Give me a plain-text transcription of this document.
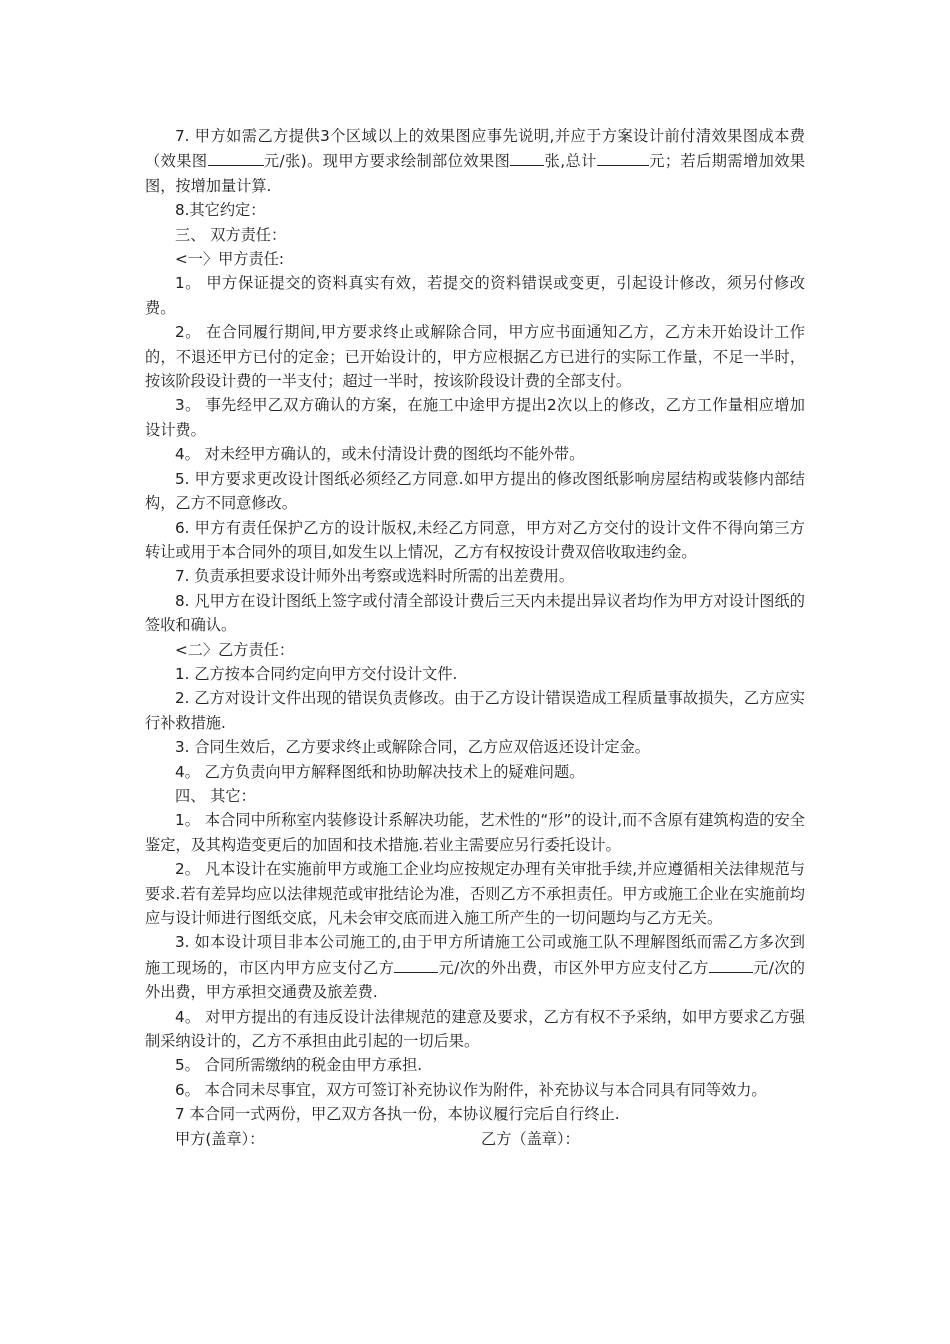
7. 甲方如需乙方提供3个区域以上的效果图应事先说明,并应于方案设计前付清效果图成本费（效果图	元/张)。现甲方要求绘制部位效果图 张,总计	元；若后期需增加效果图，按增加量计算.

8.其它约定：

三、 双方责任：

<一〉甲方责任:

1。 甲方保证提交的资料真实有效，若提交的资料错误或变更，引起设计修改，须另付修改费。

2。 在合同履行期间,甲方要求终止或解除合同，甲方应书面通知乙方，乙方未开始设计工作的，不退还甲方已付的定金；已开始设计的，甲方应根据乙方已进行的实际工作量，不足一半时，按该阶段设计费的一半支付；超过一半时，按该阶段设计费的全部支付。

3。 事先经甲乙双方确认的方案，在施工中途甲方提出2次以上的修改，乙方工作量相应增加设计费。

4。 对未经甲方确认的，或未付清设计费的图纸均不能外带。

5. 甲方要求更改设计图纸必须经乙方同意.如甲方提出的修改图纸影响房屋结构或装修内部结构，乙方不同意修改。

6. 甲方有责任保护乙方的设计版权,未经乙方同意，甲方对乙方交付的设计文件不得向第三方转让或用于本合同外的项目,如发生以上情况，乙方有权按设计费双倍收取违约金。

7. 负责承担要求设计师外出考察或选料时所需的出差费用。

8. 凡甲方在设计图纸上签字或付清全部设计费后三天内未提出异议者均作为甲方对设计图纸的签收和确认。

<二〉乙方责任：

1. 乙方按本合同约定向甲方交付设计文件.

2. 乙方对设计文件出现的错误负责修改。由于乙方设计错误造成工程质量事故损失，乙方应实行补救措施.

3. 合同生效后，乙方要求终止或解除合同，乙方应双倍返还设计定金。

4。 乙方负责向甲方解释图纸和协助解决技术上的疑难问题。

四、 其它：

1。 本合同中所称室内装修设计系解决功能，艺术性的“形”的设计,而不含原有建筑构造的安全鉴定，及其构造变更后的加固和技术措施.若业主需要应另行委托设计。

2。 凡本设计在实施前甲方或施工企业均应按规定办理有关审批手续,并应遵循相关法律规范与要求.若有差异均应以法律规范或审批结论为准，否则乙方不承担责任。甲方或施工企业在实施前均应与设计师进行图纸交底，凡未会审交底而进入施工所产生的一切问题均与乙方无关。

3. 如本设计项目非本公司施工的,由于甲方所请施工公司或施工队不理解图纸而需乙方多次到施工现场的，市区内甲方应支付乙方	元/次的外出费，市区外甲方应支付乙方	元/次的外出费，甲方承担交通费及旅差费.

4。 对甲方提出的有违反设计法律规范的建意及要求，乙方有权不予采纳，如甲方要求乙方强制采纳设计的，乙方不承担由此引起的一切后果。

5。 合同所需缴纳的税金由甲方承担.

6。 本合同未尽事宜，双方可签订补充协议作为附件，补充协议与本合同具有同等效力。

7 本合同一式两份，甲乙双方各执一份，本协议履行完后自行终止.

甲方(盖章）：	乙方（盖章）：
